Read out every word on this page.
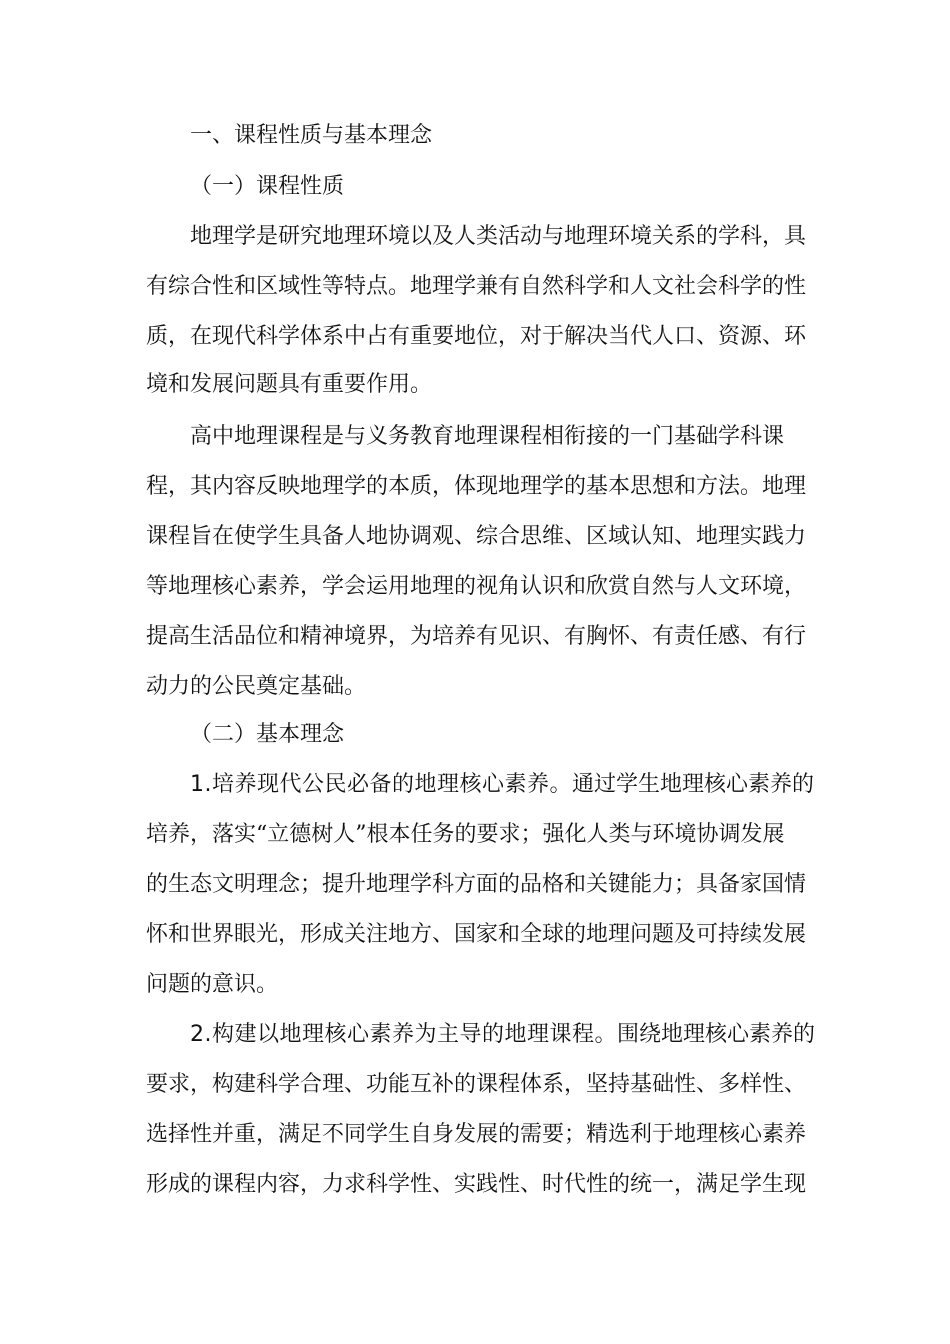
一、课程性质与基本理念

（一）课程性质

地理学是研究地理环境以及人类活动与地理环境关系的学科，具

有综合性和区域性等特点。地理学兼有自然科学和人文社会科学的性

质，在现代科学体系中占有重要地位，对于解决当代人口、资源、环

境和发展问题具有重要作用。

高中地理课程是与义务教育地理课程相衔接的一门基础学科课

程，其内容反映地理学的本质，体现地理学的基本思想和方法。地理

课程旨在使学生具备人地协调观、综合思维、区域认知、地理实践力

等地理核心素养，学会运用地理的视角认识和欣赏自然与人文环境，

提高生活品位和精神境界，为培养有见识、有胸怀、有责任感、有行

动力的公民奠定基础。

（二）基本理念

1.培养现代公民必备的地理核心素养。通过学生地理核心素养的

培养，落实“立德树人”根本任务的要求；强化人类与环境协调发展

的生态文明理念；提升地理学科方面的品格和关键能力；具备家国情

怀和世界眼光，形成关注地方、国家和全球的地理问题及可持续发展

问题的意识。

2.构建以地理核心素养为主导的地理课程。围绕地理核心素养的

要求，构建科学合理、功能互补的课程体系，坚持基础性、多样性、

选择性并重，满足不同学生自身发展的需要；精选利于地理核心素养

形成的课程内容，力求科学性、实践性、时代性的统一，满足学生现
